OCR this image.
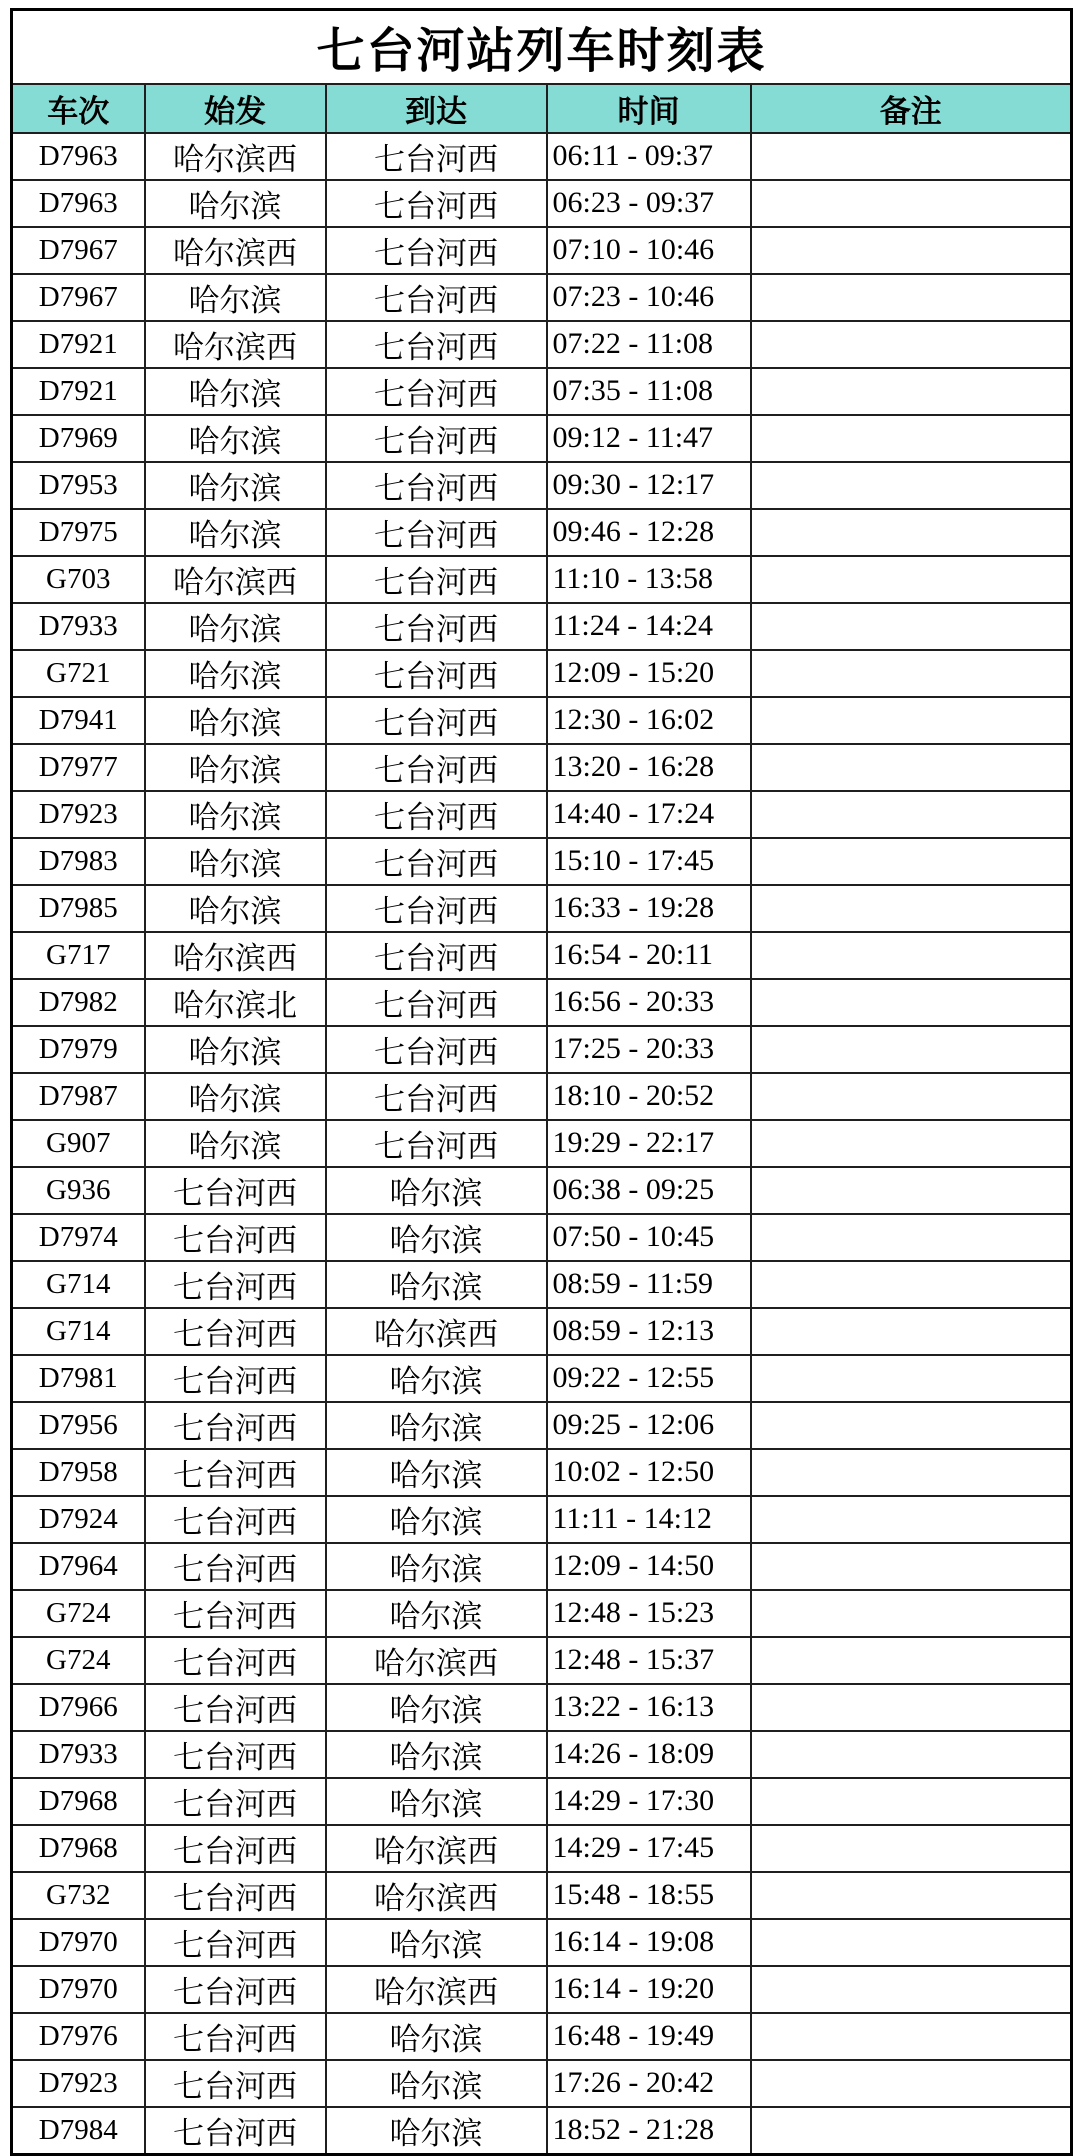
七台河站列车时刻表				
车次	始发	到达	时间	备注
D7963	哈尔滨西	七台河西	06:11 - 09:37	
D7963	哈尔滨	七台河西	06:23 - 09:37	
D7967	哈尔滨西	七台河西	07:10 - 10:46	
D7967	哈尔滨	七台河西	07:23 - 10:46	
D7921	哈尔滨西	七台河西	07:22 - 11:08	
D7921	哈尔滨	七台河西	07:35 - 11:08	
D7969	哈尔滨	七台河西	09:12 - 11:47	
D7953	哈尔滨	七台河西	09:30 - 12:17	
D7975	哈尔滨	七台河西	09:46 - 12:28	
G703	哈尔滨西	七台河西	11:10 - 13:58	
D7933	哈尔滨	七台河西	11:24 - 14:24	
G721	哈尔滨	七台河西	12:09 - 15:20	
D7941	哈尔滨	七台河西	12:30 - 16:02	
D7977	哈尔滨	七台河西	13:20 - 16:28	
D7923	哈尔滨	七台河西	14:40 - 17:24	
D7983	哈尔滨	七台河西	15:10 - 17:45	
D7985	哈尔滨	七台河西	16:33 - 19:28	
G717	哈尔滨西	七台河西	16:54 - 20:11	
D7982	哈尔滨北	七台河西	16:56 - 20:33	
D7979	哈尔滨	七台河西	17:25 - 20:33	
D7987	哈尔滨	七台河西	18:10 - 20:52	
G907	哈尔滨	七台河西	19:29 - 22:17	
G936	七台河西	哈尔滨	06:38 - 09:25	
D7974	七台河西	哈尔滨	07:50 - 10:45	
G714	七台河西	哈尔滨	08:59 - 11:59	
G714	七台河西	哈尔滨西	08:59 - 12:13	
D7981	七台河西	哈尔滨	09:22 - 12:55	
D7956	七台河西	哈尔滨	09:25 - 12:06	
D7958	七台河西	哈尔滨	10:02 - 12:50	
D7924	七台河西	哈尔滨	11:11 - 14:12	
D7964	七台河西	哈尔滨	12:09 - 14:50	
G724	七台河西	哈尔滨	12:48 - 15:23	
G724	七台河西	哈尔滨西	12:48 - 15:37	
D7966	七台河西	哈尔滨	13:22 - 16:13	
D7933	七台河西	哈尔滨	14:26 - 18:09	
D7968	七台河西	哈尔滨	14:29 - 17:30	
D7968	七台河西	哈尔滨西	14:29 - 17:45	
G732	七台河西	哈尔滨西	15:48 - 18:55	
D7970	七台河西	哈尔滨	16:14 - 19:08	
D7970	七台河西	哈尔滨西	16:14 - 19:20	
D7976	七台河西	哈尔滨	16:48 - 19:49	
D7923	七台河西	哈尔滨	17:26 - 20:42	
D7984	七台河西	哈尔滨	18:52 - 21:28	
